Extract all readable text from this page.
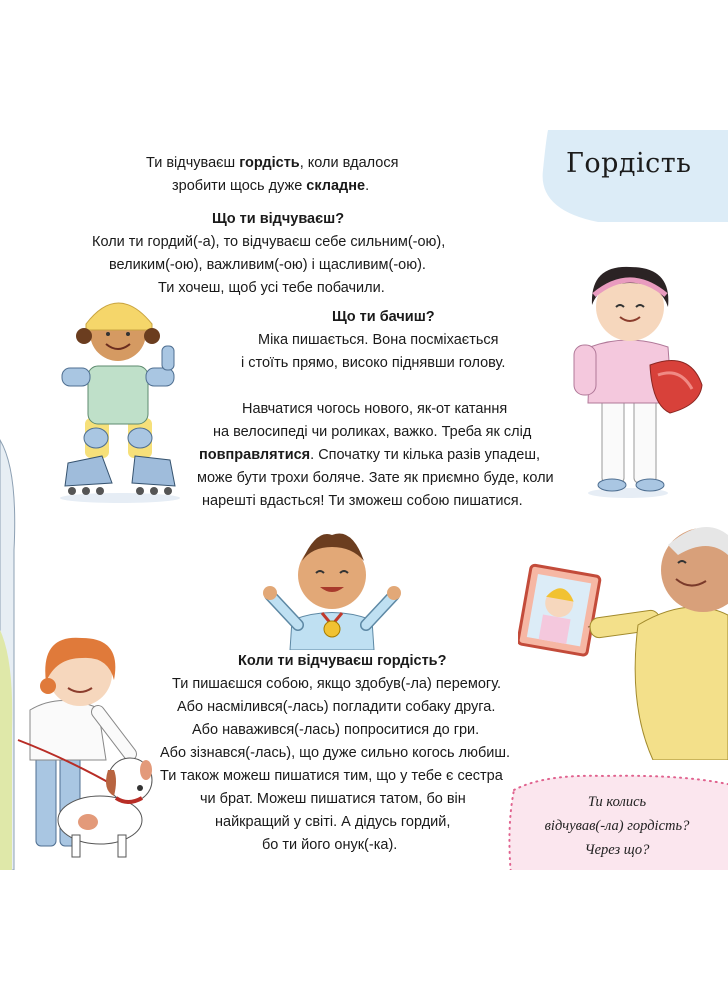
Гордість
Ти відчуваєш гордість, коли вдалося
зробити щось дуже складне.
Що ти відчуваєш?
Коли ти гордий(-а), то відчуваєш себе сильним(-ою),
великим(-ою), важливим(-ою) і щасливим(-ою).
Ти хочеш, щоб усі тебе побачили.
Що ти бачиш?
Міка пишається. Вона посміхається
і стоїть прямо, високо піднявши голову.
Навчатися чогось нового, як-от катання
на велосипеді чи роликах, важко. Треба як слід
повправлятися. Спочатку ти кілька разів упадеш,
може бути трохи боляче. Зате як приємно буде, коли
нарешті вдасться! Ти зможеш собою пишатися.
Коли ти відчуваєш гордість?
Ти пишаєшся собою, якщо здобув(-ла) перемогу.
Або насмілився(-лась) погладити собаку друга.
Або наважився(-лась) попроситися до гри.
Або зізнався(-лась), що дуже сильно когось любиш.
Ти також можеш пишатися тим, що у тебе є сестра
чи брат. Можеш пишатися татом, бо він
найкращий у світі. А дідусь гордий,
бо ти його онук(-ка).
Ти колись
відчував(-ла) гордість?
Через що?
